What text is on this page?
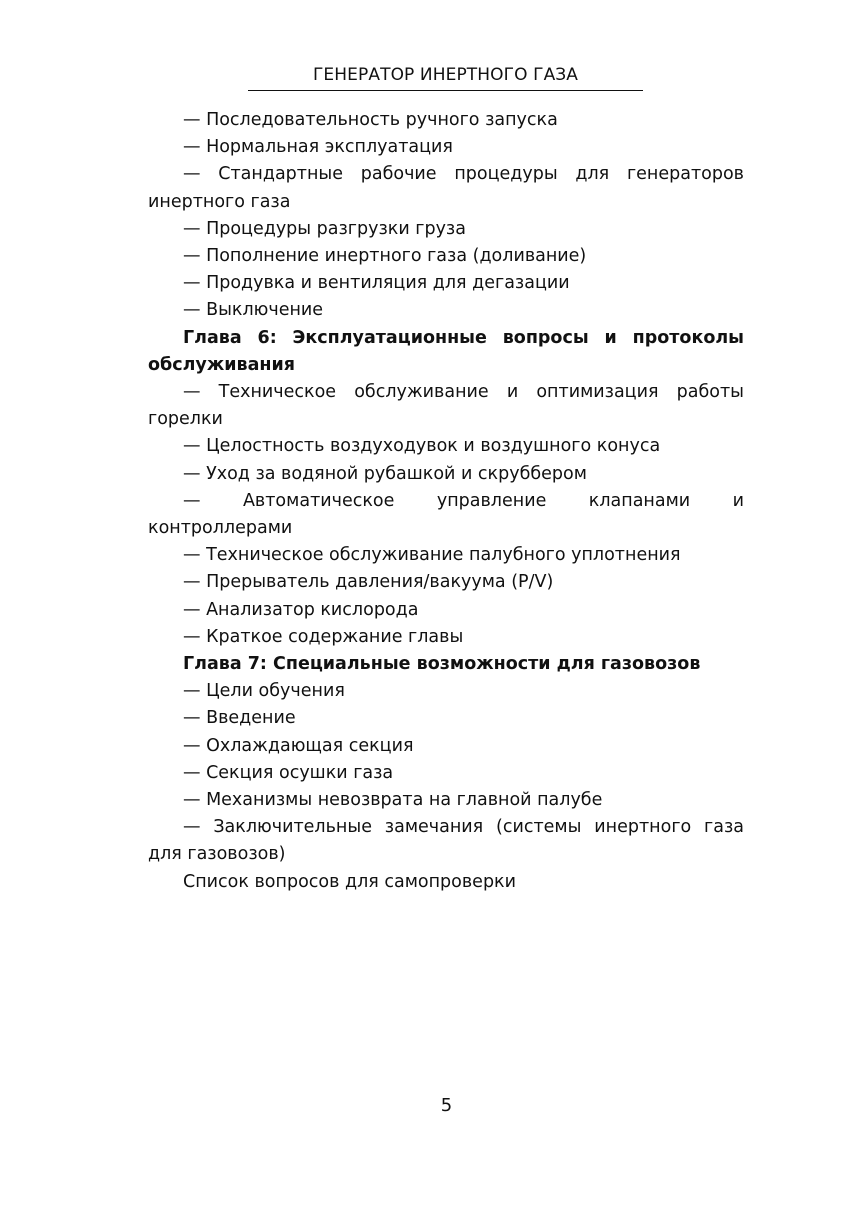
ГЕНЕРАТОР ИНЕРТНОГО ГАЗА

— Последовательность ручного запуска

— Нормальная эксплуатация

— Стандартные рабочие процедуры для генераторов инертного газа

— Процедуры разгрузки груза

— Пополнение инертного газа (доливание)

— Продувка и вентиляция для дегазации

— Выключение

Глава 6: Эксплуатационные вопросы и протоколы обслуживания

— Техническое обслуживание и оптимизация работы горелки

— Целостность воздуходувок и воздушного конуса

— Уход за водяной рубашкой и скруббером

— Автоматическое управление клапанами и контроллерами

— Техническое обслуживание палубного уплотнения

— Прерыватель давления/вакуума (P/V)

— Анализатор кислорода

— Краткое содержание главы

Глава 7: Специальные возможности для газовозов

— Цели обучения

— Введение

— Охлаждающая секция

— Секция осушки газа

— Механизмы невозврата на главной палубе

— Заключительные замечания (системы инертного газа для газовозов)

Список вопросов для самопроверки

5
